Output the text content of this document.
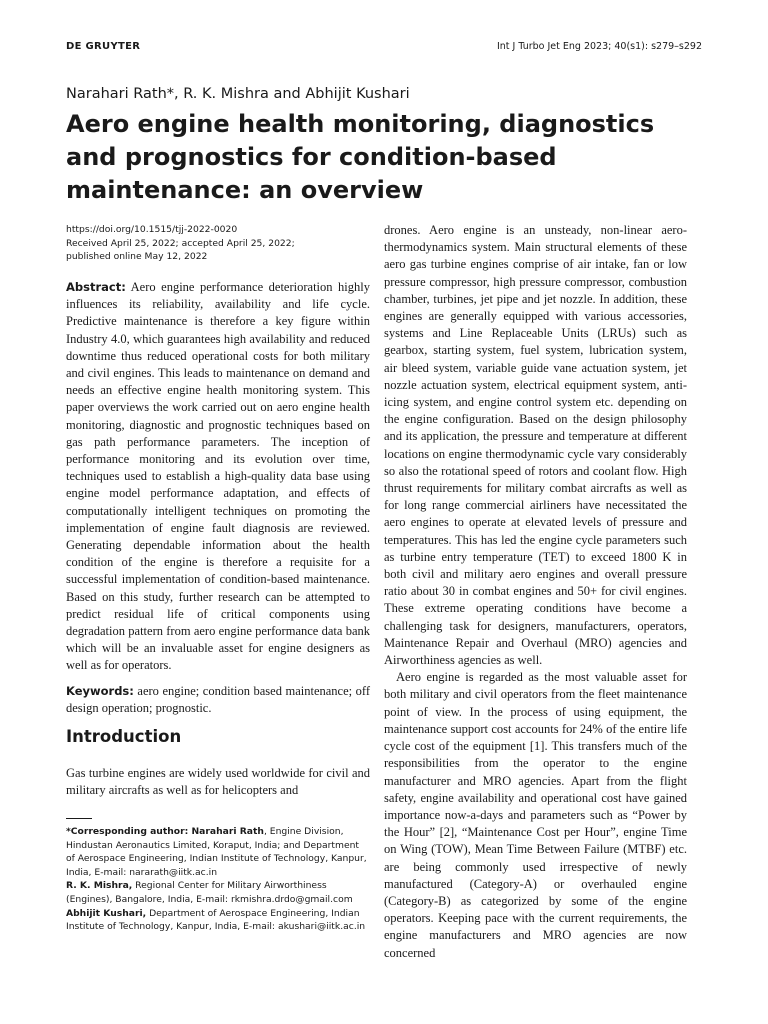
DE GRUYTER	Int J Turbo Jet Eng 2023; 40(s1): s279–s292
Narahari Rath*, R. K. Mishra and Abhijit Kushari
Aero engine health monitoring, diagnostics and prognostics for condition-based maintenance: an overview
https://doi.org/10.1515/tjj-2022-0020
Received April 25, 2022; accepted April 25, 2022;
published online May 12, 2022

Abstract: Aero engine performance deterioration highly influences its reliability, availability and life cycle. Predictive maintenance is therefore a key figure within Industry 4.0, which guarantees high availability and reduced downtime thus reduced operational costs for both military and civil engines. This leads to maintenance on demand and needs an effective engine health monitoring system. This paper overviews the work carried out on aero engine health monitoring, diagnostic and prognostic techniques based on gas path performance parameters. The inception of performance monitoring and its evolution over time, techniques used to establish a high-quality data base using engine model performance adaptation, and effects of computationally intelligent techniques on promoting the implementation of engine fault diagnosis are reviewed. Generating dependable information about the health condition of the engine is therefore a requisite for a successful implementation of condition-based maintenance. Based on this study, further research can be attempted to predict residual life of critical components using degradation pattern from aero engine performance data bank which will be an invaluable asset for engine designers as well as for operators.

Keywords: aero engine; condition based maintenance; off design operation; prognostic.

Introduction

Gas turbine engines are widely used worldwide for civil and military aircrafts as well as for helicopters and

*Corresponding author: Narahari Rath, Engine Division, Hindustan Aeronautics Limited, Koraput, India; and Department of Aerospace Engineering, Indian Institute of Technology, Kanpur, India, E-mail: nararath@iitk.ac.in

R. K. Mishra, Regional Center for Military Airworthiness (Engines), Bangalore, India, E-mail: rkmishra.drdo@gmail.com

Abhijit Kushari, Department of Aerospace Engineering, Indian Institute of Technology, Kanpur, India, E-mail: akushari@iitk.ac.in

drones. Aero engine is an unsteady, non-linear aero-thermodynamics system. Main structural elements of these aero gas turbine engines comprise of air intake, fan or low pressure compressor, high pressure compressor, combustion chamber, turbines, jet pipe and jet nozzle. In addition, these engines are generally equipped with various accessories, systems and Line Replaceable Units (LRUs) such as gearbox, starting system, fuel system, lubrication system, air bleed system, variable guide vane actuation system, jet nozzle actuation system, electrical equipment system, anti-icing system, and engine control system etc. depending on the engine configuration. Based on the design philosophy and its application, the pressure and temperature at different locations on engine thermodynamic cycle vary considerably so also the rotational speed of rotors and coolant flow. High thrust requirements for military combat aircrafts as well as for long range commercial airliners have necessitated the aero engines to operate at elevated levels of pressure and temperatures. This has led the engine cycle parameters such as turbine entry temperature (TET) to exceed 1800 K in both civil and military aero engines and overall pressure ratio about 30 in combat engines and 50+ for civil engines. These extreme operating conditions have become a challenging task for designers, manufacturers, operators, Maintenance Repair and Overhaul (MRO) agencies and Airworthiness agencies as well.

Aero engine is regarded as the most valuable asset for both military and civil operators from the fleet maintenance point of view. In the process of using equipment, the maintenance support cost accounts for 24% of the entire life cycle cost of the equipment [1]. This transfers much of the responsibilities from the operator to the engine manufacturer and MRO agencies. Apart from the flight safety, engine availability and operational cost have gained importance now-a-days and parameters such as “Power by the Hour” [2], “Maintenance Cost per Hour”, engine Time on Wing (TOW), Mean Time Between Failure (MTBF) etc. are being commonly used irrespective of newly manufactured (Category-A) or overhauled engine (Category-B) as categorized by some of the engine operators. Keeping pace with the current requirements, the engine manufacturers and MRO agencies are now concerned
